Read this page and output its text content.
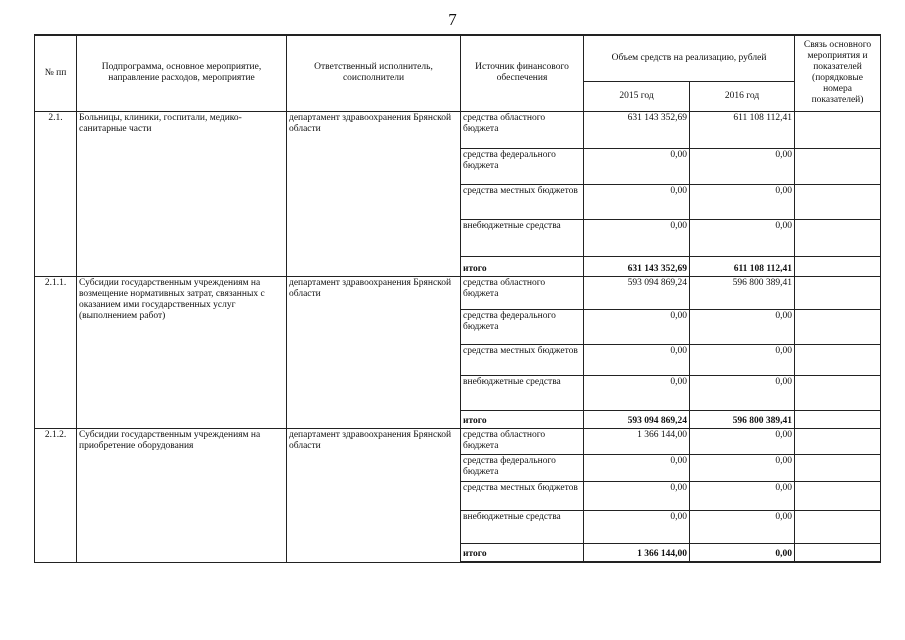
7
№ пп	Подпрограмма, основное мероприятие, направление расходов, мероприятие	Ответственный исполнитель, соисполнители	Источник финансового обеспечения	Объем средств на реализацию, рублей		Связь основного мероприятия и показателей (порядковые номера показателей)
				2015 год	2016 год	
2.1.	Больницы, клиники, госпитали, медико-санитарные части	департамент здравоохранения Брянской области	средства областного бюджета	631 143 352,69	611 108 112,41	
			средства федерального бюджета	0,00	0,00	
			средства местных бюджетов	0,00	0,00	
			внебюджетные средства	0,00	0,00	
			итого	631 143 352,69	611 108 112,41	
2.1.1.	Субсидии государственным учреждениям на возмещение нормативных затрат, связанных с оказанием ими государственных услуг (выполнением работ)	департамент здравоохранения Брянской области	средства областного бюджета	593 094 869,24	596 800 389,41	
			средства федерального бюджета	0,00	0,00	
			средства местных бюджетов	0,00	0,00	
			внебюджетные средства	0,00	0,00	
			итого	593 094 869,24	596 800 389,41	
2.1.2.	Субсидии государственным учреждениям на приобретение оборудования	департамент здравоохранения Брянской области	средства областного бюджета	1 366 144,00	0,00	
			средства федерального бюджета	0,00	0,00	
			средства местных бюджетов	0,00	0,00	
			внебюджетные средства	0,00	0,00	
			итого	1 366 144,00	0,00	
